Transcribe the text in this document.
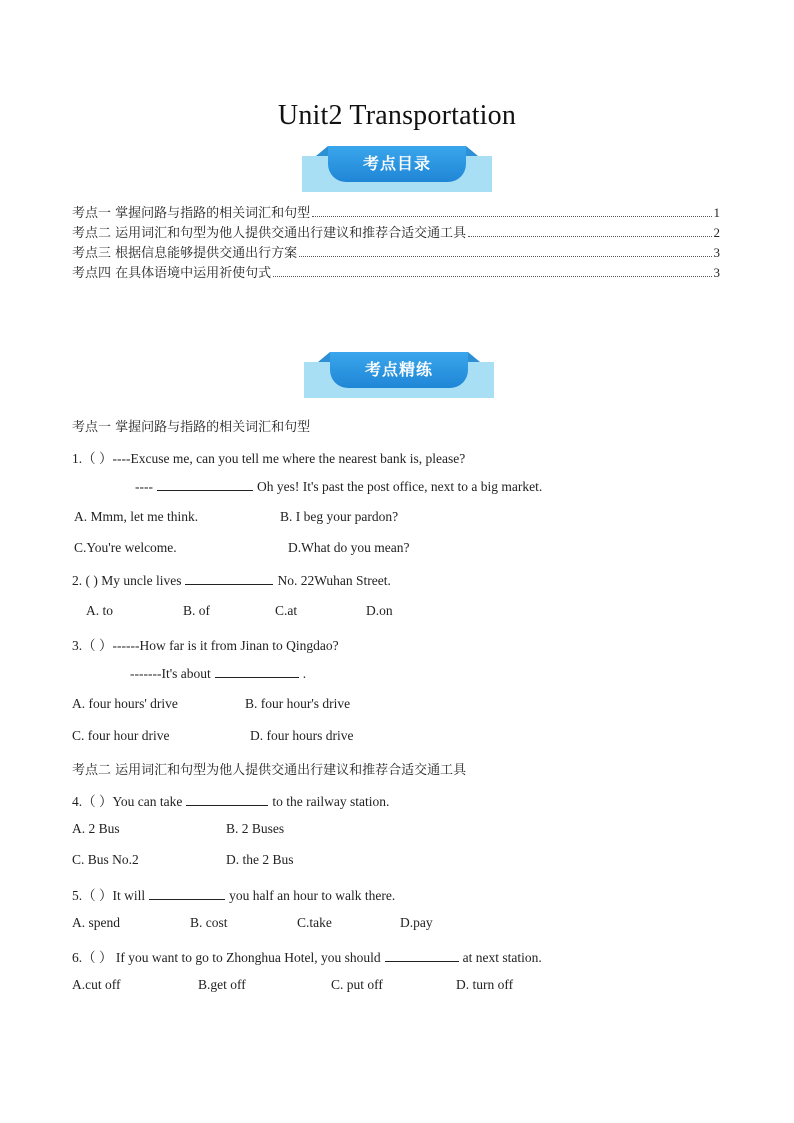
Unit2 Transportation
考点目录
考点一 掌握问路与指路的相关词汇和句型	1
考点二 运用词汇和句型为他人提供交通出行建议和推荐合适交通工具	2
考点三 根据信息能够提供交通出行方案	3
考点四 在具体语境中运用祈使句式	3
考点精练
考点一 掌握问路与指路的相关词汇和句型
1.（ ）----Excuse me, can you tell me where the nearest bank is, please?
----	Oh yes! It's past the post office, next to a big market.
A. Mmm, let me think.	B. I beg your pardon?
C.You're welcome.	D.What do you mean?
2. ( ) My uncle lives	No. 22Wuhan Street.
A. to	B. of	C.at	D.on
3.（ ）------How far is it from Jinan to Qingdao?
-------It's about	.
A. four hours' drive	B. four hour's drive
C. four hour drive	D. four hours drive
考点二 运用词汇和句型为他人提供交通出行建议和推荐合适交通工具
4.（ ）You can take	to the railway station.
A. 2 Bus	B. 2 Buses
C. Bus No.2	D. the 2 Bus
5.（ ）It will	you half an hour to walk there.
A. spend	B. cost	C.take	D.pay
6.（ ） If you want to go to Zhonghua Hotel, you should	at next station.
A.cut off	B.get off	C. put off	D. turn off
